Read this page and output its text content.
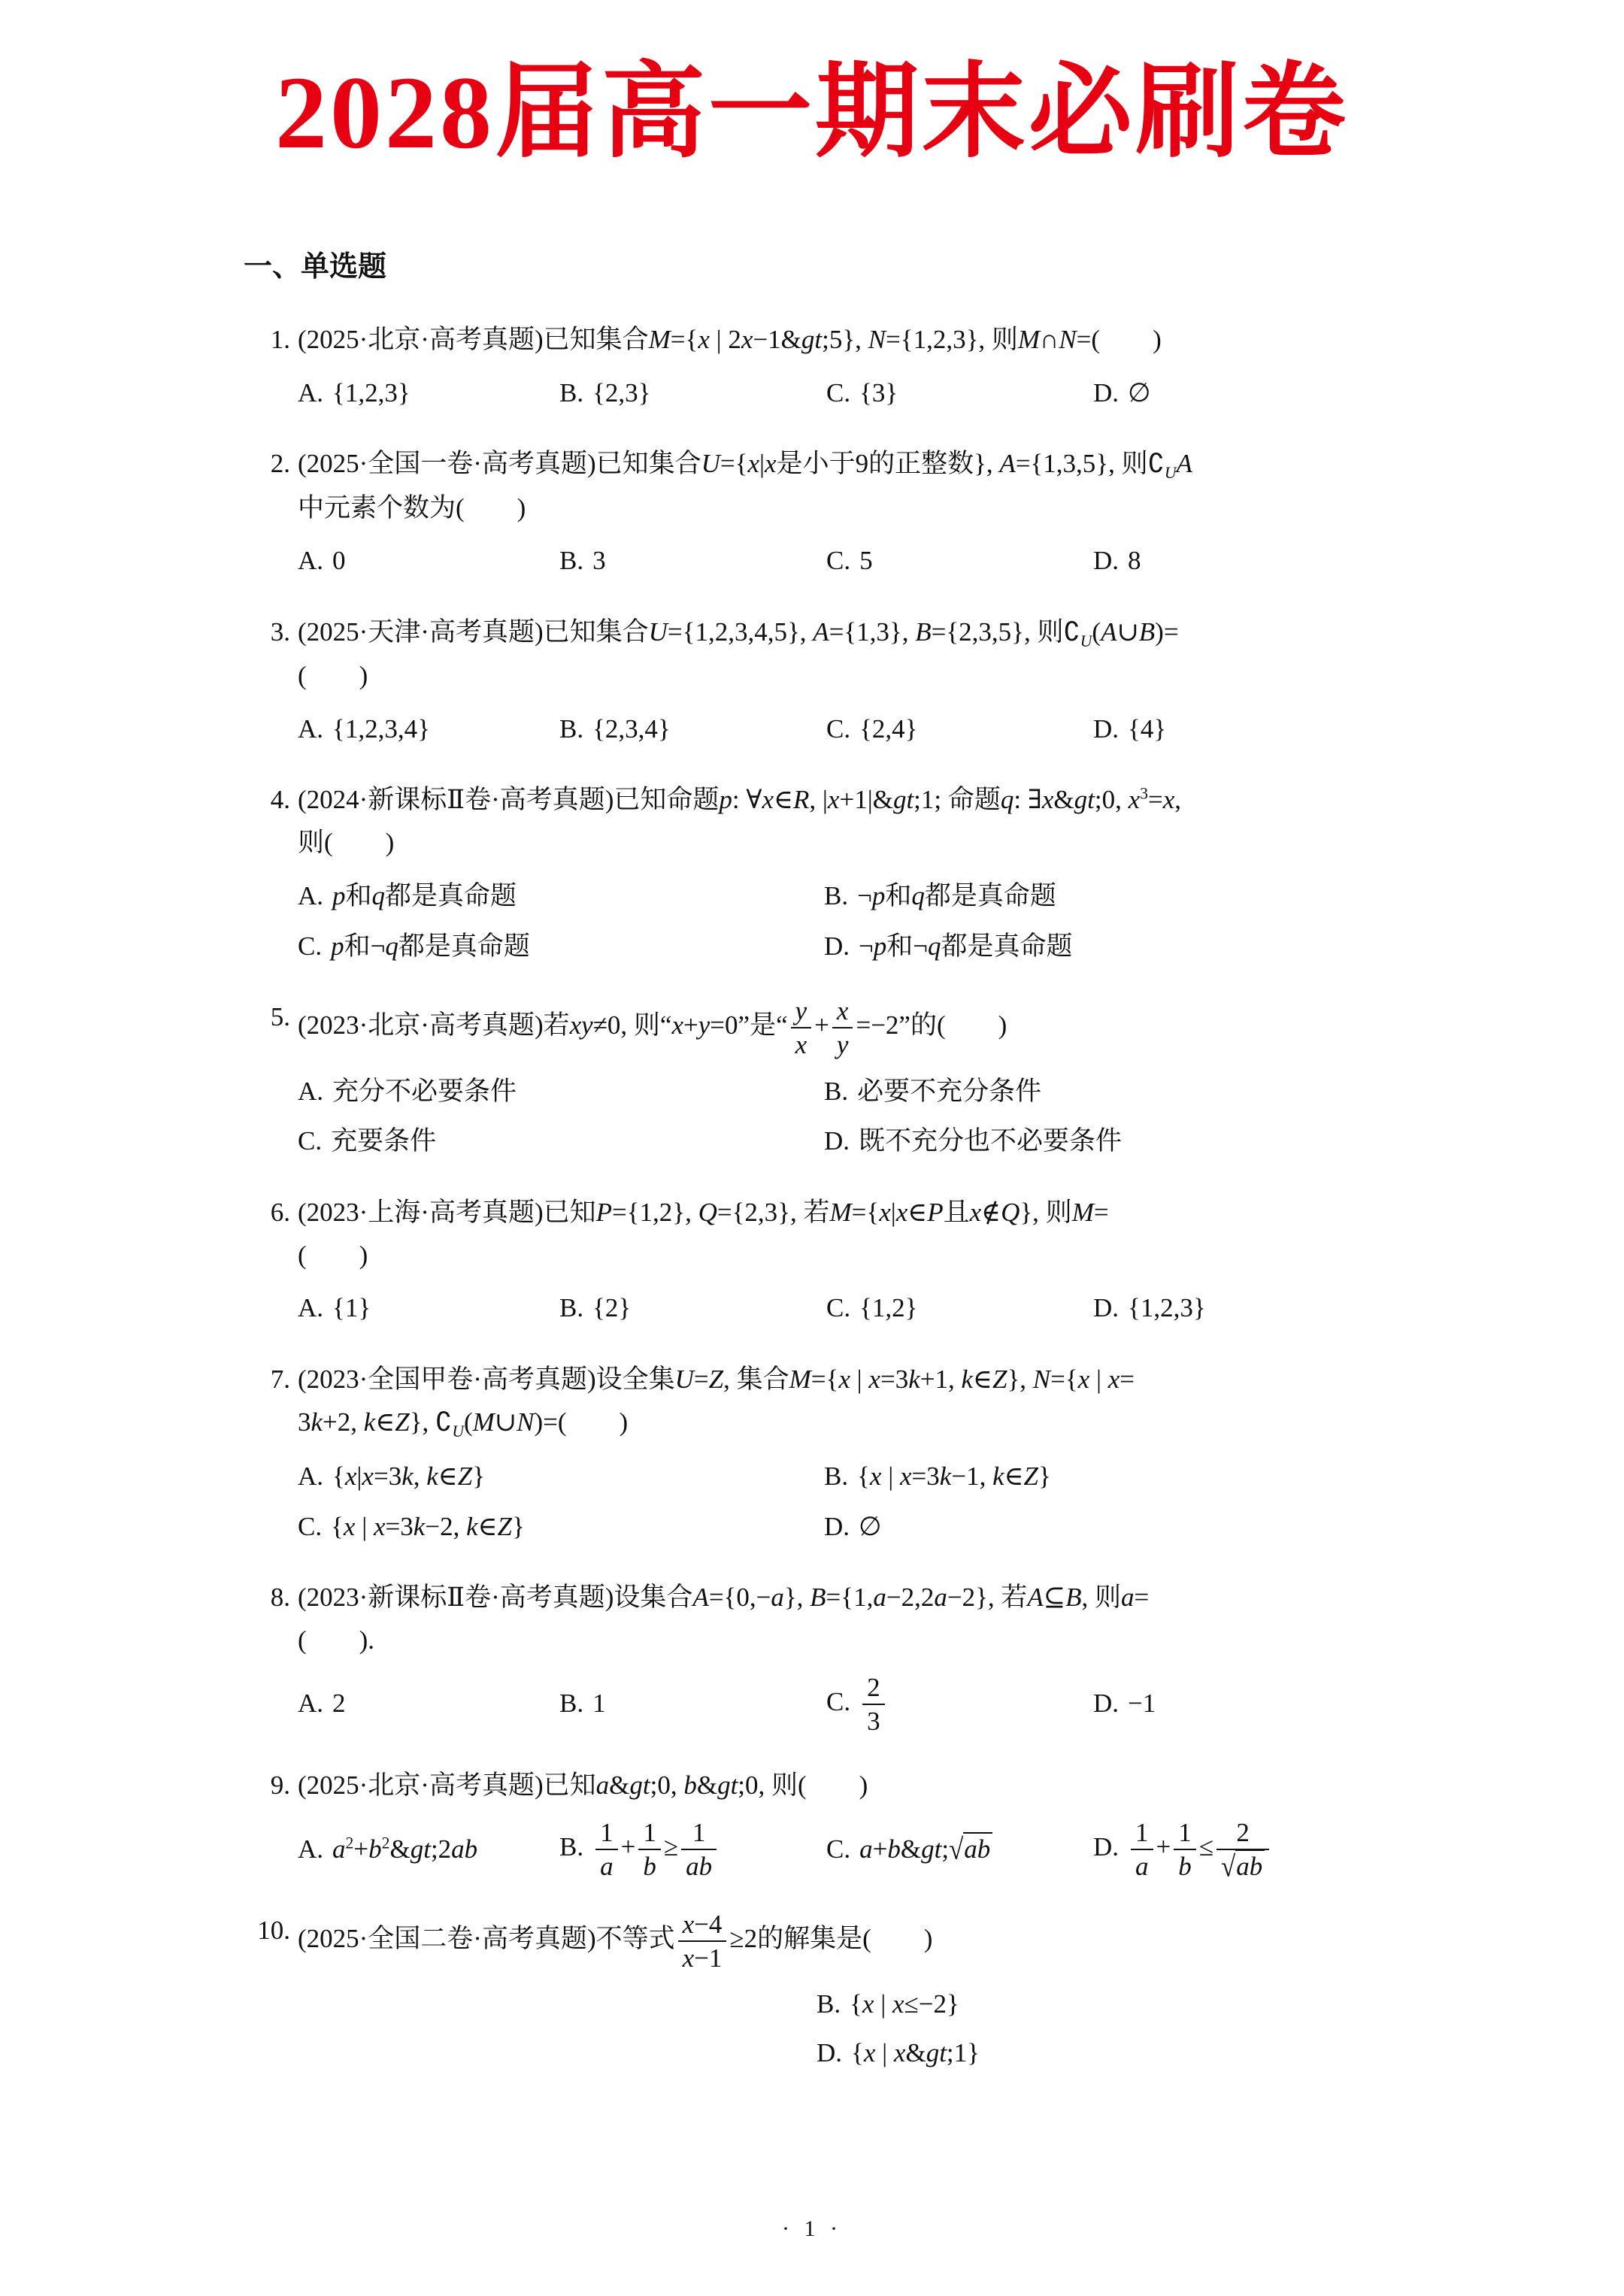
2028届高一期末必刷卷
一、单选题
1. (2025·北京·高考真题)已知集合M={x | 2x−1&gt;5}, N={1,2,3}, 则M∩N=(　　)
A. {1,2,3}	B. {2,3}	C. {3}	D. ∅
2. (2025·全国一卷·高考真题)已知集合U={x|x是小于9的正整数}, A={1,3,5}, 则$∁_UA$
中元素个数为(　　)
A. 0	B. 3	C. 5	D. 8
3. (2025·天津·高考真题)已知集合U={1,2,3,4,5}, A={1,3}, B={2,3,5}, 则$∁_U(A\cup B)=$
(　　)
A. {1,2,3,4}	B. {2,3,4}	C. {2,4}	D. {4}
4. (2024·新课标Ⅱ卷·高考真题)已知命题p: ∀x∈R, |x+1|&gt;1; 命题q: ∃x&gt;0, $x^3=x$,
则(　　)
A. p和q都是真命题	B. ¬p和q都是真命题
C. p和¬q都是真命题	D. ¬p和¬q都是真命题
5. (2023·北京·高考真题)若xy≠0, 则“x+y=0”是“ $\frac{y}{x} + \frac{x}{y} =-2$”的(　　)
A. 充分不必要条件	B. 必要不充分条件
C. 充要条件	D. 既不充分也不必要条件
6. (2023·上海·高考真题)已知P={1,2}, Q={2,3}, 若M={x|x∈P且x∉Q}, 则M=
(　　)
A. {1}	B. {2}	C. {1,2}	D. {1,2,3}
7. (2023·全国甲卷·高考真题)设全集U=Z, 集合M={x | x=3k+1, k∈Z}, N={x | x=
3k+2, k∈Z}, $∁_U(M\cup N)=$(　　)
A. {x|x=3k, k∈Z}	B. {x | x=3k−1, k∈Z}
C. {x | x=3k−2, k∈Z}	D. ∅
8. (2023·新课标Ⅱ卷·高考真题)设集合A={0,−a}, B={1,a−2,2a−2}, 若A⊆B, 则a=
(　　).
A. 2	B. 1	C. $\frac{2}{3}$	D. −1
9. (2025·北京·高考真题)已知a&gt;0, b&gt;0, 则(　　)
A. $a^2+b^2\&gt;2ab$	B. $\frac{1}{a} + \frac{1}{b} \ge \frac{1}{ab}$	C. a+b&gt;√ab	D. $\frac{1}{a} + \frac{1}{b} \le \frac{2}{√ab}$
10. (2025·全国二卷·高考真题)不等式 $\frac{x-4}{x-1} \ge 2$的解集是(　　)
B. {x | x≤−2}
D. {x | x&gt;1}
· 1 ·
